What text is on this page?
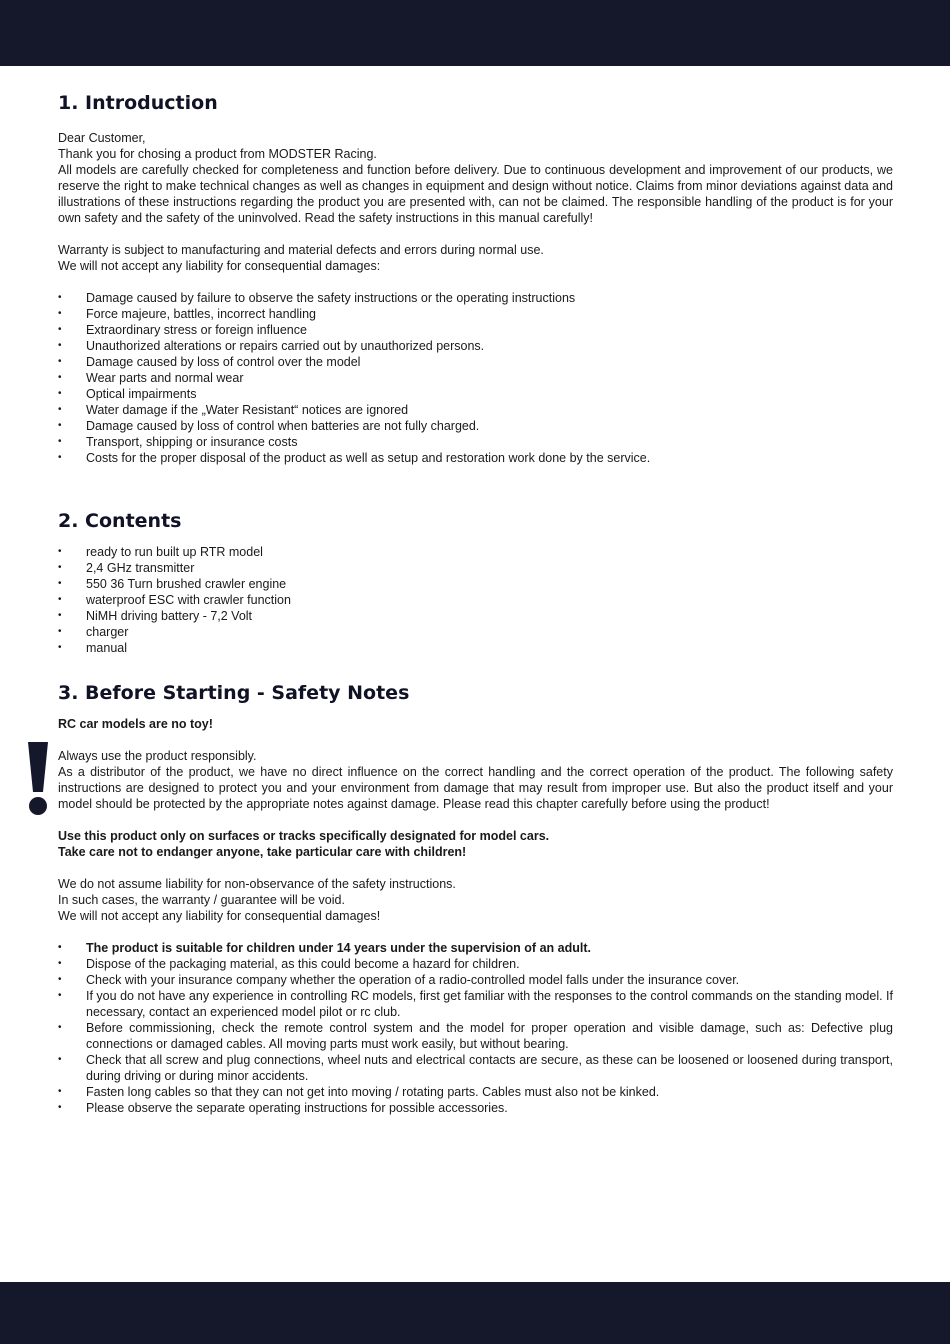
1. Introduction

Dear Customer,

Thank you for chosing a product from MODSTER Racing.

All models are carefully checked for completeness and function before delivery. Due to continuous development and improvement of our products, we reserve the right to make technical changes as well as changes in equipment and design without notice. Claims from minor deviations against data and illustrations of these instructions regarding the product you are presented with, can not be claimed. The responsible handling of the product is for your own safety and the safety of the uninvolved. Read the safety instructions in this manual carefully!

Warranty is subject to manufacturing and material defects and errors during normal use.

We will not accept any liability for consequential damages:

• Damage caused by failure to observe the safety instructions or the operating instructions
• Force majeure, battles, incorrect handling
• Extraordinary stress or foreign influence
• Unauthorized alterations or repairs carried out by unauthorized persons.
• Damage caused by loss of control over the model
• Wear parts and normal wear
• Optical impairments
• Water damage if the „Water Resistant“ notices are ignored
• Damage caused by loss of control when batteries are not fully charged.
• Transport, shipping or insurance costs
• Costs for the proper disposal of the product as well as setup and restoration work done by the service.
2. Contents
• ready to run built up RTR model
• 2,4 GHz transmitter
• 550 36 Turn brushed crawler engine
• waterproof ESC with crawler function
• NiMH driving battery - 7,2 Volt
• charger
• manual
3. Before Starting - Safety Notes

RC car models are no toy!

Always use the product responsibly.

As a distributor of the product, we have no direct influence on the correct handling and the correct operation of the product. The following safety instructions are designed to protect you and your environment from damage that may result from improper use. But also the product itself and your model should be protected by the appropriate notes against damage. Please read this chapter carefully before using the product!

Use this product only on surfaces or tracks specifically designated for model cars.

Take care not to endanger anyone, take particular care with children!

We do not assume liability for non-observance of the safety instructions.

In such cases, the warranty / guarantee will be void.

We will not accept any liability for consequential damages!

• The product is suitable for children under 14 years under the supervision of an adult.
• Dispose of the packaging material, as this could become a hazard for children.
• Check with your insurance company whether the operation of a radio-controlled model falls under the insurance cover.
• If you do not have any experience in controlling RC models, first get familiar with the responses to the control commands on the standing model. If necessary, contact an experienced model pilot or rc club.
• Before commissioning, check the remote control system and the model for proper operation and visible damage, such as: Defective plug connections or damaged cables. All moving parts must work easily, but without bearing.
• Check that all screw and plug connections, wheel nuts and electrical contacts are secure, as these can be loosened or loosened during transport, during driving or during minor accidents.
• Fasten long cables so that they can not get into moving / rotating parts. Cables must also not be kinked.
• Please observe the separate operating instructions for possible accessories.
